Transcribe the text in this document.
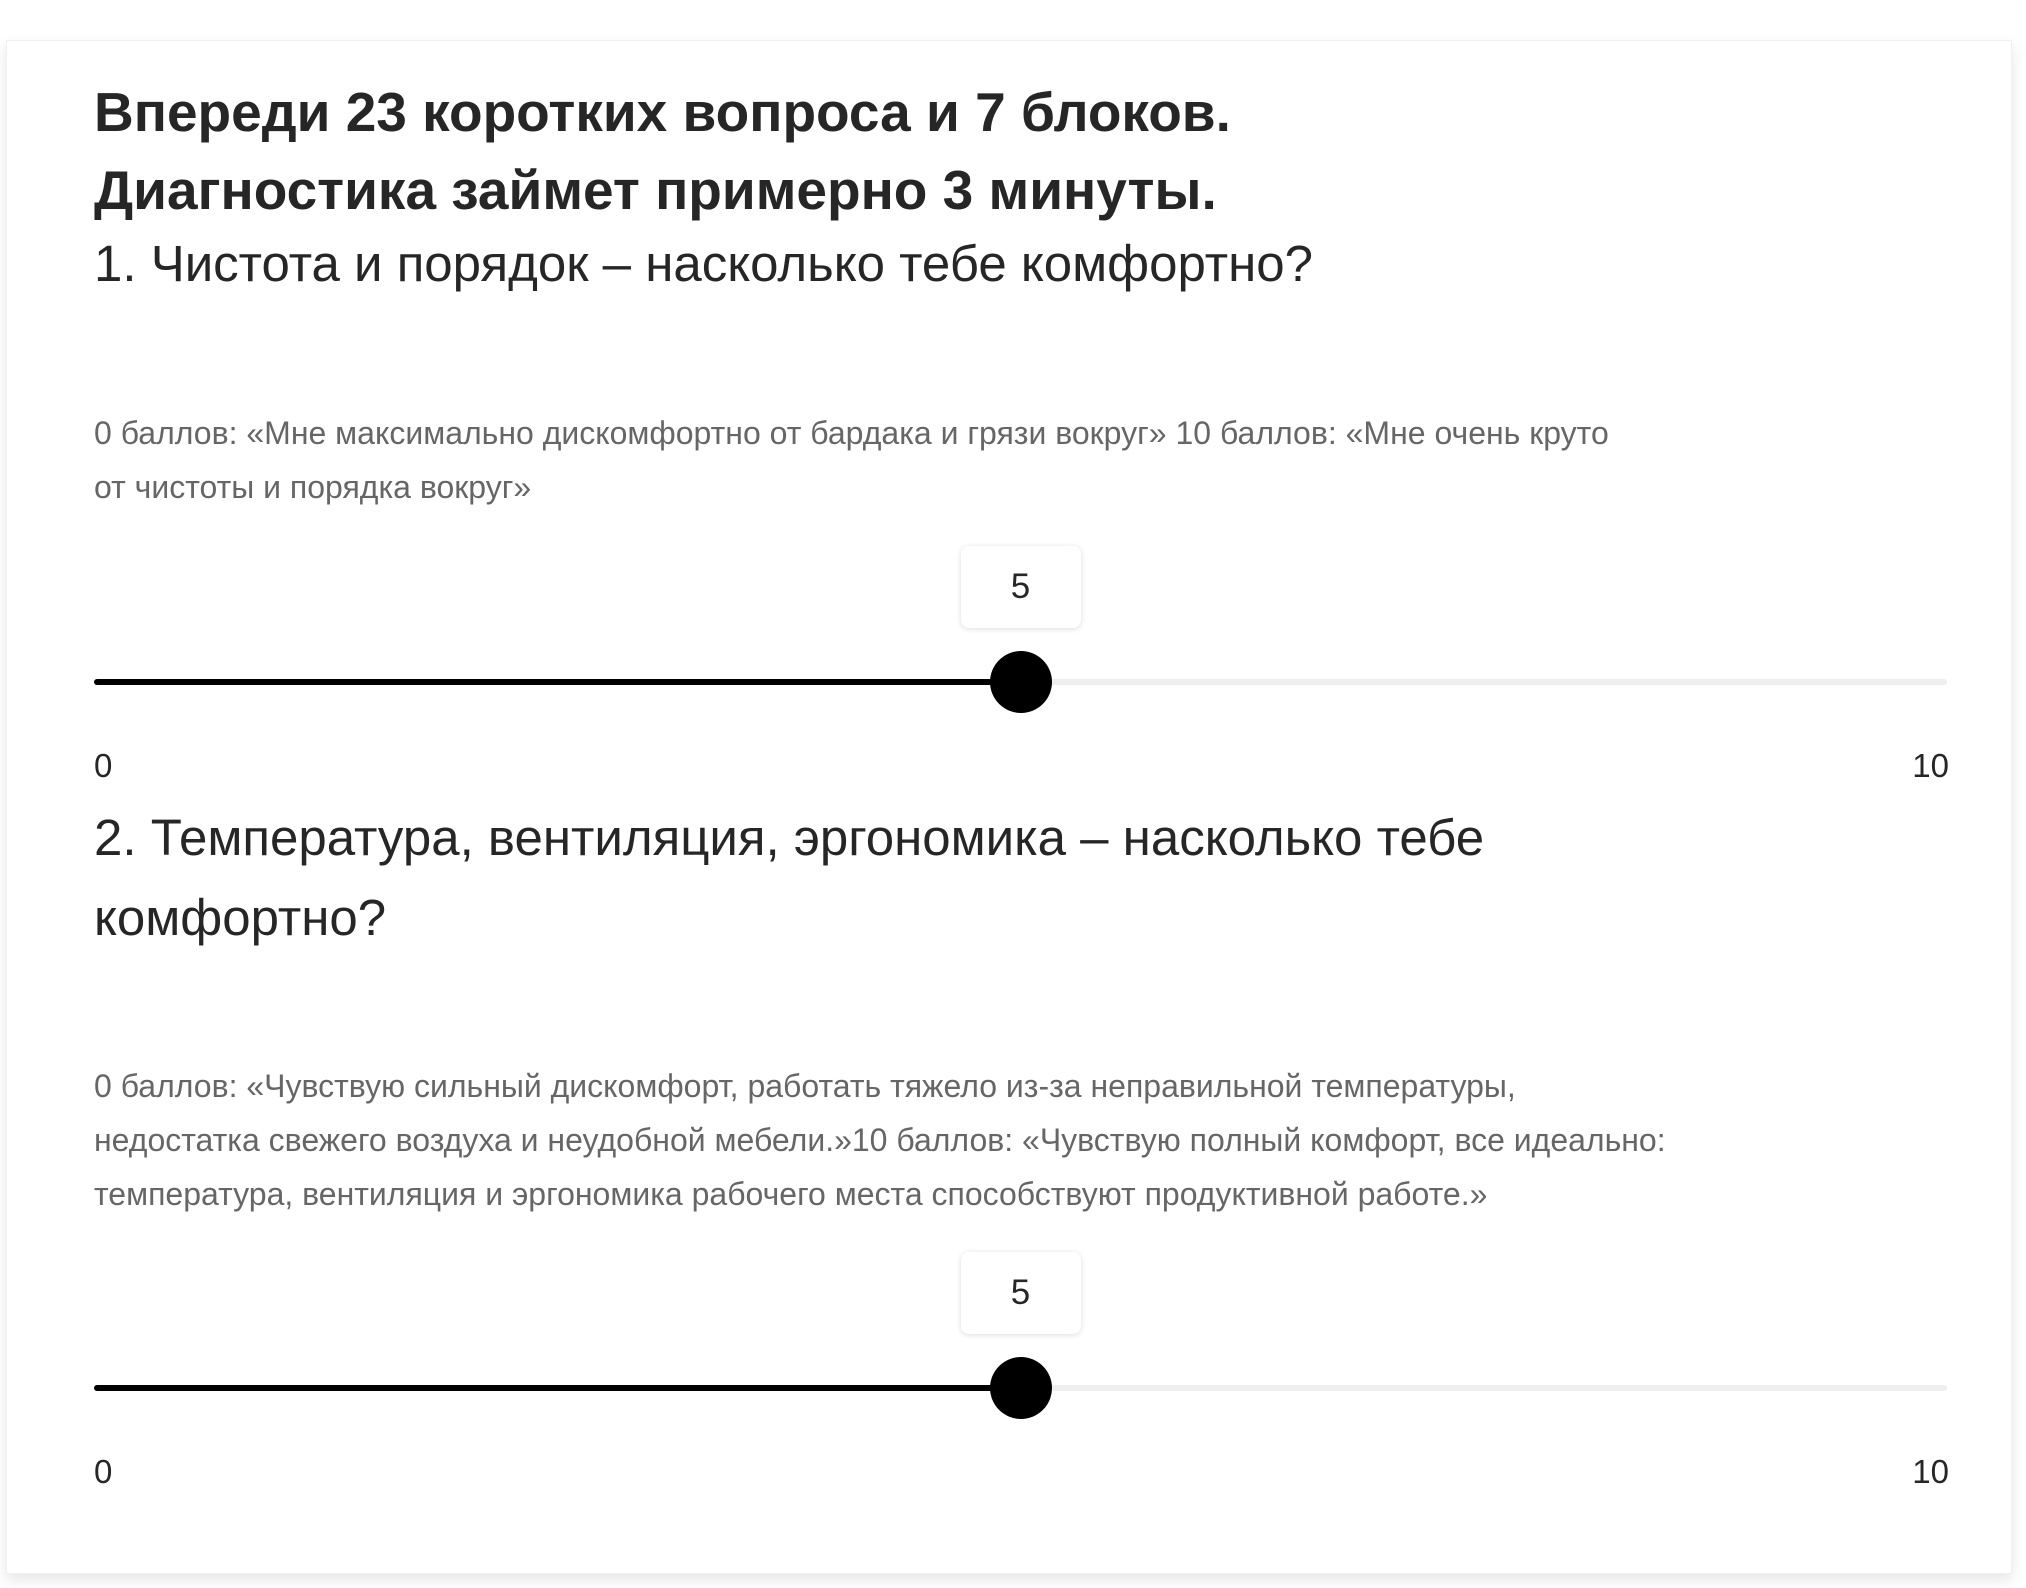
Впереди 23 коротких вопроса и 7 блоков.
Диагностика займет примерно 3 минуты.
1. Чистота и порядок – насколько тебе комфортно?

0 баллов: «Мне максимально дискомфортно от бардака и грязи вокруг» 10 баллов: «Мне очень круто
от чистоты и порядка вокруг»

5
0	10
2. Температура, вентиляция, эргономика – насколько тебе
комфортно?

0 баллов: «Чувствую сильный дискомфорт, работать тяжело из-за неправильной температуры,
недостатка свежего воздуха и неудобной мебели.»10 баллов: «Чувствую полный комфорт, все идеально:
температура, вентиляция и эргономика рабочего места способствуют продуктивной работе.»

5
0	10
